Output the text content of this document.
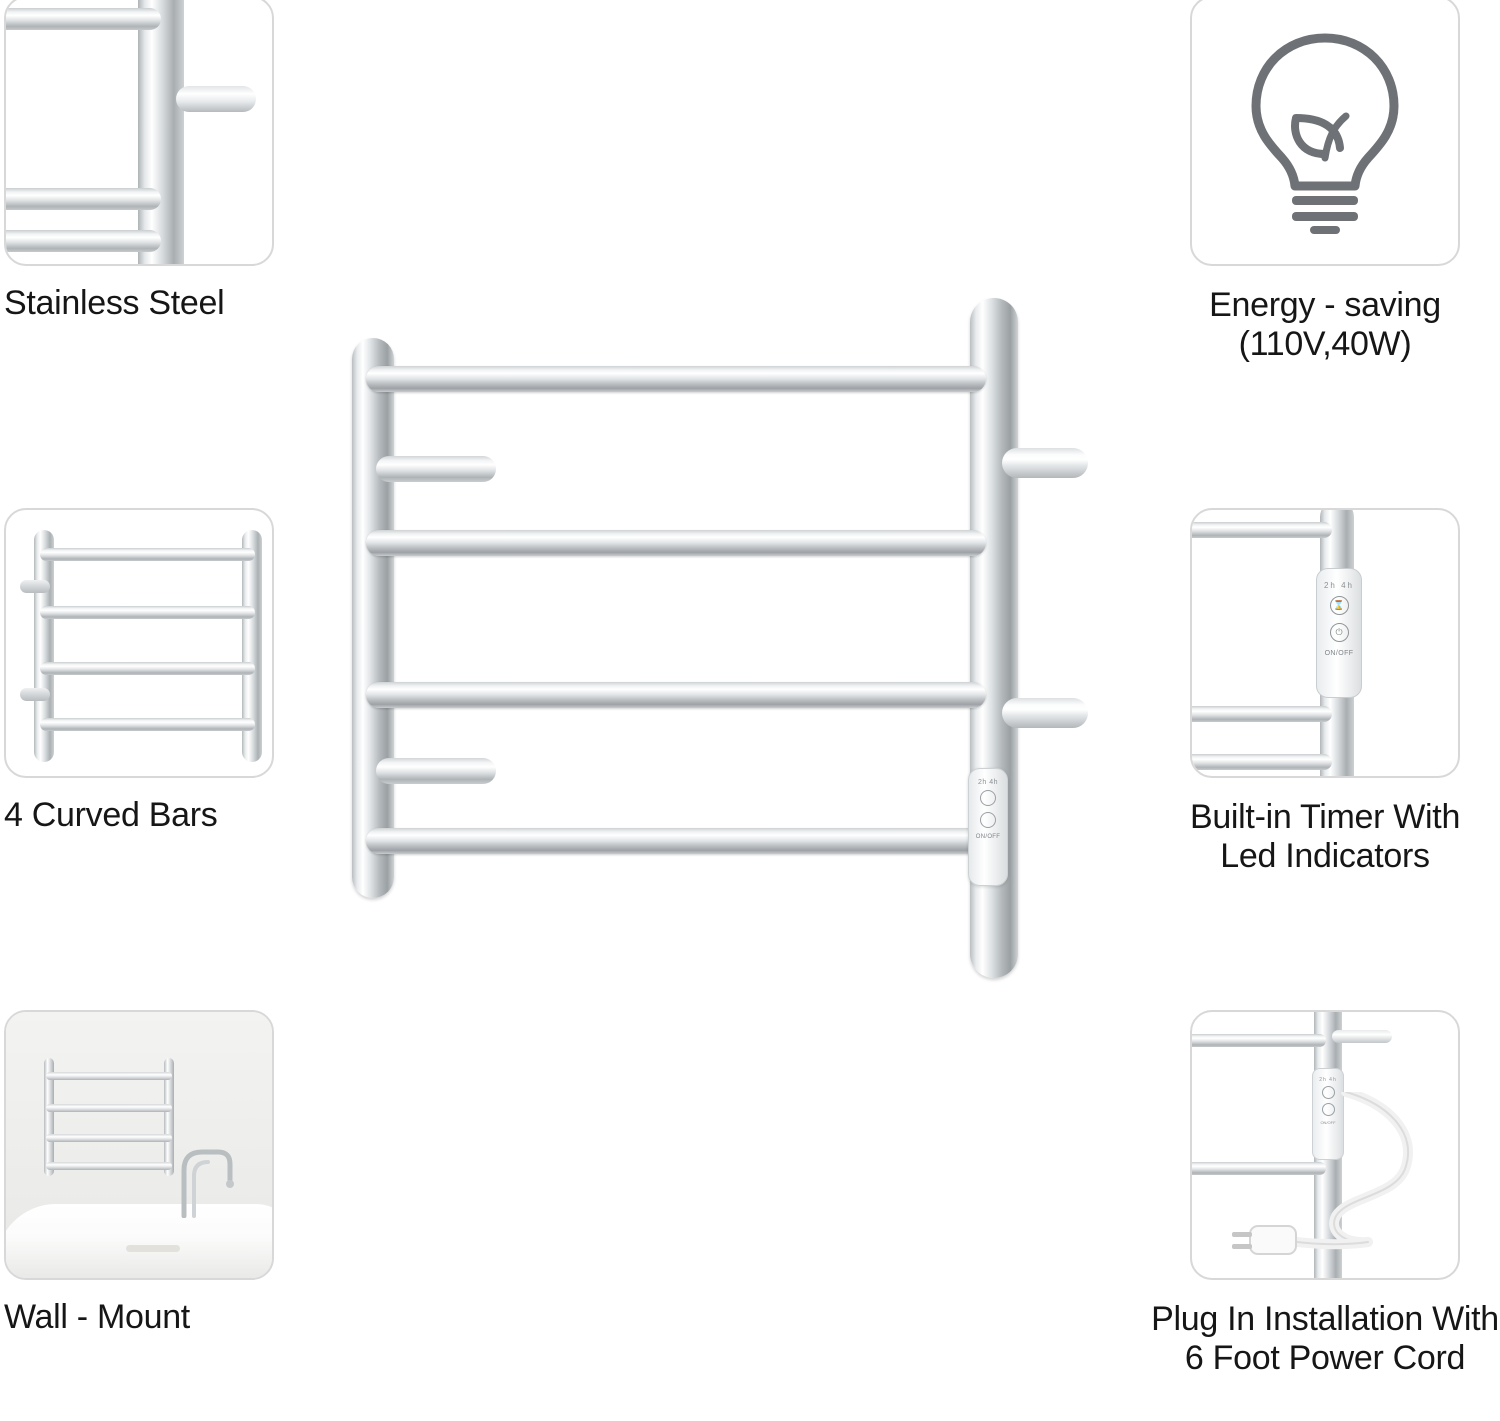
Stainless Steel
4 Curved Bars
Wall - Mount
Energy - saving
(110V,40W)
2h 4h
⌛
⏻
ON/OFF
Built-in Timer With
Led Indicators
2h 4h
ON/OFF
Plug In Installation With
6 Foot Power Cord
2h 4h
ON/OFF
